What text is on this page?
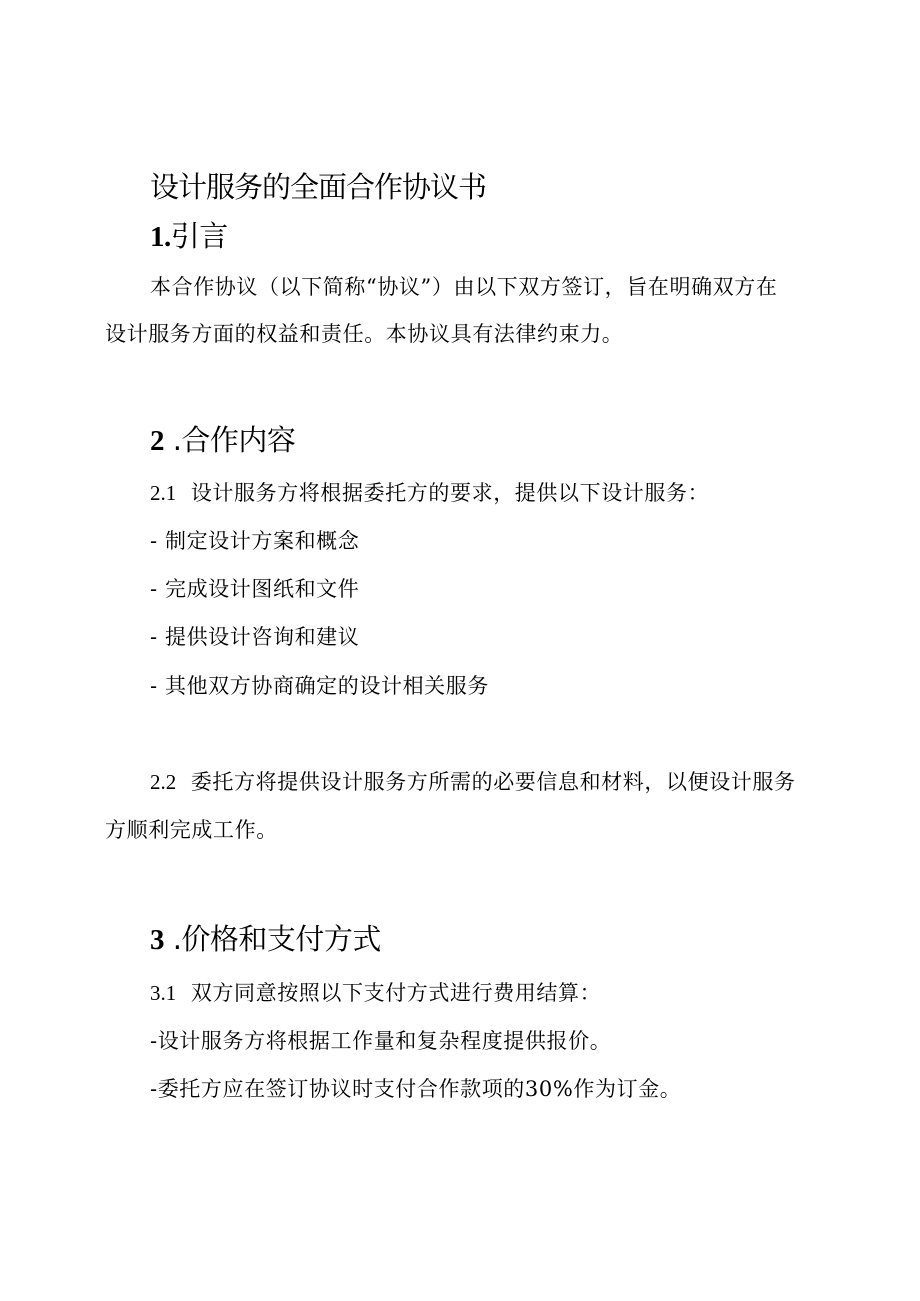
设计服务的全面合作协议书
1.引言
本合作协议（以下简称“协议”）由以下双方签订，旨在明确双方在
设计服务方面的权益和责任。本协议具有法律约束力。
2 .合作内容
2.1 设计服务方将根据委托方的要求，提供以下设计服务：
- 制定设计方案和概念
- 完成设计图纸和文件
- 提供设计咨询和建议
- 其他双方协商确定的设计相关服务
2.2 委托方将提供设计服务方所需的必要信息和材料，以便设计服务
方顺利完成工作。
3 .价格和支付方式
3.1 双方同意按照以下支付方式进行费用结算：
-设计服务方将根据工作量和复杂程度提供报价。
-委托方应在签订协议时支付合作款项的30%作为订金。
